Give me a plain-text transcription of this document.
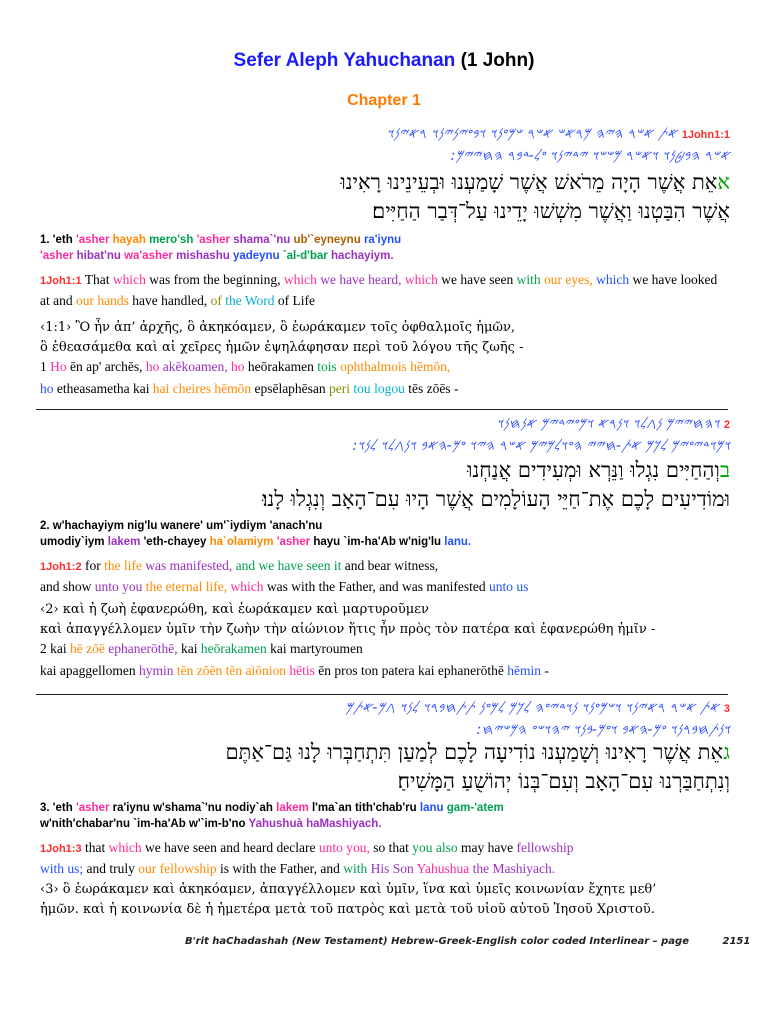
Sefer Aleph Yahuchanan (1 John)
Chapter 1
1John1:1 𐤀𐤕 𐤀𐤔𐤓 𐤄𐤉𐤄 𐤌𐤓𐤀𐤔 𐤀𐤔𐤓 𐤔𐤌𐤏𐤍𐤅 𐤅𐤁𐤏𐤉𐤍𐤉𐤍𐤅 𐤓𐤀𐤉𐤍𐤅
𐤀𐤔𐤓 𐤄𐤁𐤈𐤍𐤅 𐤅𐤀𐤔𐤓 𐤌𐤔𐤔𐤅 𐤉𐤃𐤉𐤍𐤅 𐤏𐤋-𐤃𐤁𐤓 𐤄𐤇𐤉𐤉𐤌:
אאֵת אֲשֶׁר הָיָה מֵרֹאשׁ אֲשֶׁר שָׁמַעְנוּ וּבְעֵינֵינוּ רָאִינוּ
אֲשֶׁר הִבַּטְנוּ וַאֲשֶׁר מִשְׁשׁוּ יָדֵינוּ עַל־דְּבַר הַחַיִּים׃
1. 'eth 'asher hayah mero'sh 'asher shama`'nu ub'`eyneynu ra'iynu
'asher hibat'nu wa'asher mishashu yadeynu `al-d'bar hachayiym.
1Joh1:1 That which was from the beginning, which we have heard, which we have seen with our eyes, which we have looked at and our hands have handled, of the Word of Life
‹1:1› Ὃ ἦν ἀπ’ ἀρχῆς, ὃ ἀκηκόαμεν, ὃ ἑωράκαμεν τοῖς ὀφθαλμοῖς ἡμῶν,
ὃ ἐθεασάμεθα καὶ αἱ χεῖρες ἡμῶν ἐψηλάφησαν περὶ τοῦ λόγου τῆς ζωῆς -
1 Ho ēn ap' archēs, ho akēkoamen, ho heōrakamen tois ophthalmois hēmōn,
ho etheasametha kai hai cheires hēmōn epsēlaphēsan peri tou logou tēs zōēs -
2 𐤅𐤄𐤇𐤉𐤉𐤌 𐤍𐤂𐤋𐤅 𐤅𐤍𐤓𐤀 𐤅𐤌𐤏𐤉𐤃𐤉𐤌 𐤀𐤍𐤇𐤍𐤅
𐤅𐤌𐤅𐤃𐤉𐤏𐤉𐤌 𐤋𐤊𐤌 𐤀𐤕-𐤇𐤉𐤉 𐤄𐤏𐤅𐤋𐤌𐤉𐤌 𐤀𐤔𐤓 𐤄𐤉𐤅 𐤏𐤌-𐤄𐤀𐤁 𐤅𐤍𐤂𐤋𐤅 𐤋𐤍𐤅:
בוְהַחַיִּים נִגְלוּ וַנֵּרְא וּמְעִידִים אֲנַחְנוּ
וּמוֹדִיעִים לָכֶם אֶת־חַיֵּי הָעוֹלָמִים אֲשֶׁר הָיוּ עִם־הָאָב וְנִגְלוּ לָנוּ׃
2. w'hachayiym nig'lu wanere' um'`iydiym 'anach'nu
umodiy`iym lakem 'eth-chayey ha`olamiym 'asher hayu `im-ha'Ab w'nig'lu lanu.
1Joh1:2 for the life was manifested, and we have seen it and bear witness,
and show unto you the eternal life, which was with the Father, and was manifested unto us
‹2› καὶ ἡ ζωὴ ἐφανερώθη, καὶ ἑωράκαμεν καὶ μαρτυροῦμεν
καὶ ἀπαγγέλλομεν ὑμῖν τὴν ζωὴν τὴν αἰώνιον ἥτις ἦν πρὸς τὸν πατέρα καὶ ἐφανερώθη ἡμῖν -
2 kai hē zōē ephanerōthē, kai heōrakamen kai martyroumen
kai apaggellomen hymin tēn zōēn tēn aiōnion hētis ēn pros ton patera kai ephanerōthē hēmin -
3 𐤀𐤕 𐤀𐤔𐤓 𐤓𐤀𐤉𐤍𐤅 𐤅𐤔𐤌𐤏𐤍𐤅 𐤍𐤅𐤃𐤉𐤏𐤄 𐤋𐤊𐤌 𐤋𐤌𐤏𐤍 𐤕𐤕𐤇𐤁𐤓𐤅 𐤋𐤍𐤅 𐤂𐤌-𐤀𐤕𐤌
𐤅𐤍𐤕𐤇𐤁𐤓𐤍𐤅 𐤏𐤌-𐤄𐤀𐤁 𐤅𐤏𐤌-𐤁𐤍𐤅 𐤉𐤄𐤅𐤔𐤏 𐤄𐤌𐤔𐤉𐤇:
גאֵת אֲשֶׁר רָאִינוּ וְשָׁמַעְנוּ נוֹדִיעָה לָכֶם לְמַעַן תִּתְחַבְּרוּ לָנוּ גַּם־אַתֶּם
וְנִתְחַבַּרְנוּ עִם־הָאָב וְעִם־בְּנוֹ יְהוֹשֻׁעַ הַמָּשִׁיחַ׃
3. 'eth 'asher ra'iynu w'shama`'nu nodiy`ah lakem l'ma`an tith'chab'ru lanu gam-'atem
w'nith'chabar'nu `im-ha'Ab w'`im-b'no Yahushuà haMashiyach.
1Joh1:3 that which we have seen and heard declare unto you, so that you also may have fellowship
with us; and truly our fellowship is with the Father, and with His Son Yahushua the Mashiyach.
‹3› ὃ ἑωράκαμεν καὶ ἀκηκόαμεν, ἀπαγγέλλομεν καὶ ὑμῖν, ἵνα καὶ ὑμεῖς κοινωνίαν ἔχητε μεθ’
ἡμῶν. καὶ ἡ κοινωνία δὲ ἡ ἡμετέρα μετὰ τοῦ πατρὸς καὶ μετὰ τοῦ υἱοῦ αὐτοῦ Ἰησοῦ Χριστοῦ.
B'rit haChadashah (New Testament) Hebrew-Greek-English color coded Interlinear – page	2151
